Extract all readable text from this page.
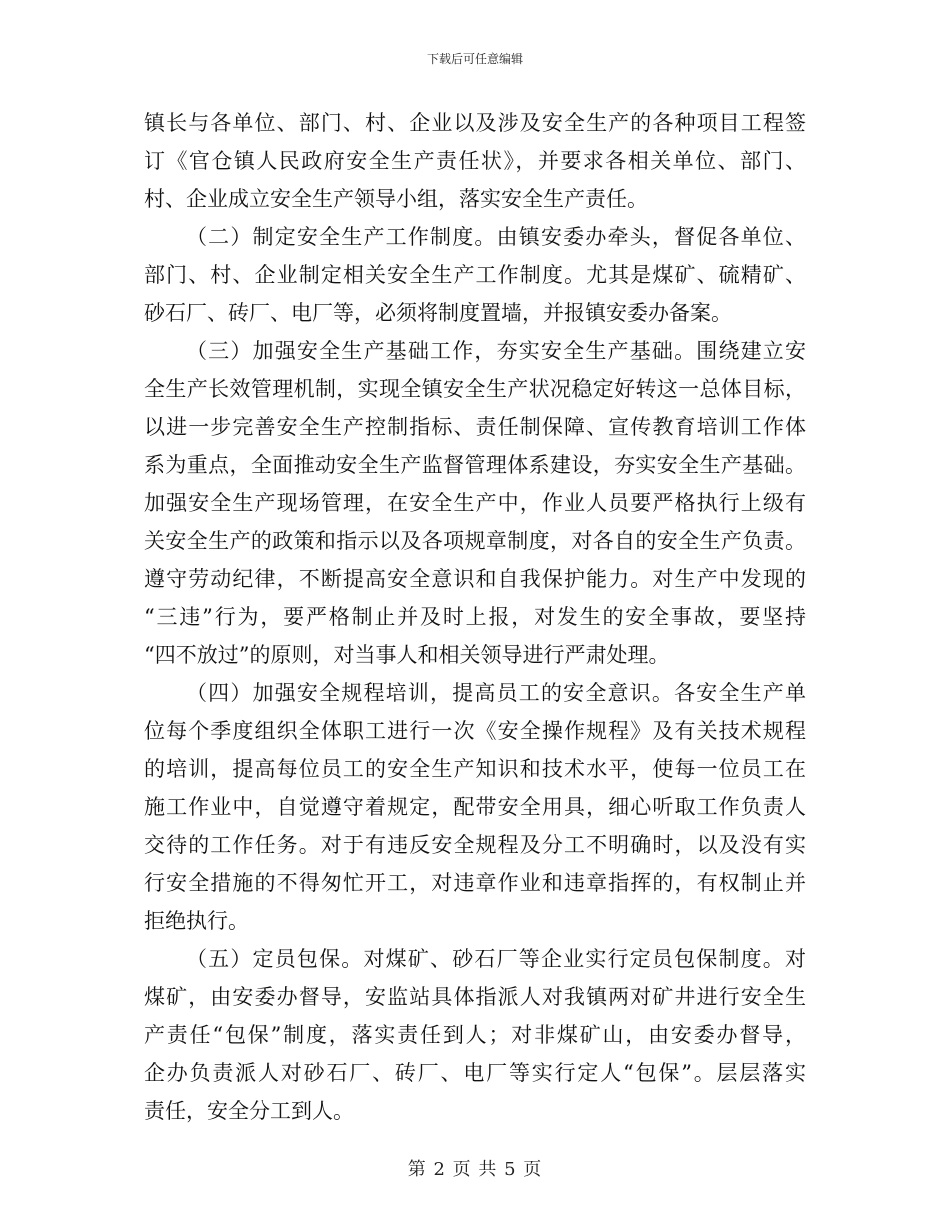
下载后可任意编辑
镇长与各单位、部门、村、企业以及涉及安全生产的各种项目工程签
订《官仓镇人民政府安全生产责任状》，并要求各相关单位、部门、
村、企业成立安全生产领导小组，落实安全生产责任。
（二）制定安全生产工作制度。由镇安委办牵头，督促各单位、
部门、村、企业制定相关安全生产工作制度。尤其是煤矿、硫精矿、
砂石厂、砖厂、电厂等，必须将制度置墙，并报镇安委办备案。
（三）加强安全生产基础工作，夯实安全生产基础。围绕建立安
全生产长效管理机制，实现全镇安全生产状况稳定好转这一总体目标，
以进一步完善安全生产控制指标、责任制保障、宣传教育培训工作体
系为重点，全面推动安全生产监督管理体系建设，夯实安全生产基础。
加强安全生产现场管理，在安全生产中，作业人员要严格执行上级有
关安全生产的政策和指示以及各项规章制度，对各自的安全生产负责。
遵守劳动纪律，不断提高安全意识和自我保护能力。对生产中发现的
“三违”行为，要严格制止并及时上报，对发生的安全事故，要坚持
“四不放过”的原则，对当事人和相关领导进行严肃处理。
（四）加强安全规程培训，提高员工的安全意识。各安全生产单
位每个季度组织全体职工进行一次《安全操作规程》及有关技术规程
的培训，提高每位员工的安全生产知识和技术水平，使每一位员工在
施工作业中，自觉遵守着规定，配带安全用具，细心听取工作负责人
交待的工作任务。对于有违反安全规程及分工不明确时，以及没有实
行安全措施的不得匆忙开工，对违章作业和违章指挥的，有权制止并
拒绝执行。
（五）定员包保。对煤矿、砂石厂等企业实行定员包保制度。对
煤矿，由安委办督导，安监站具体指派人对我镇两对矿井进行安全生
产责任“包保”制度，落实责任到人；对非煤矿山，由安委办督导，
企办负责派人对砂石厂、砖厂、电厂等实行定人“包保”。层层落实
责任，安全分工到人。
第 2 页 共 5 页
